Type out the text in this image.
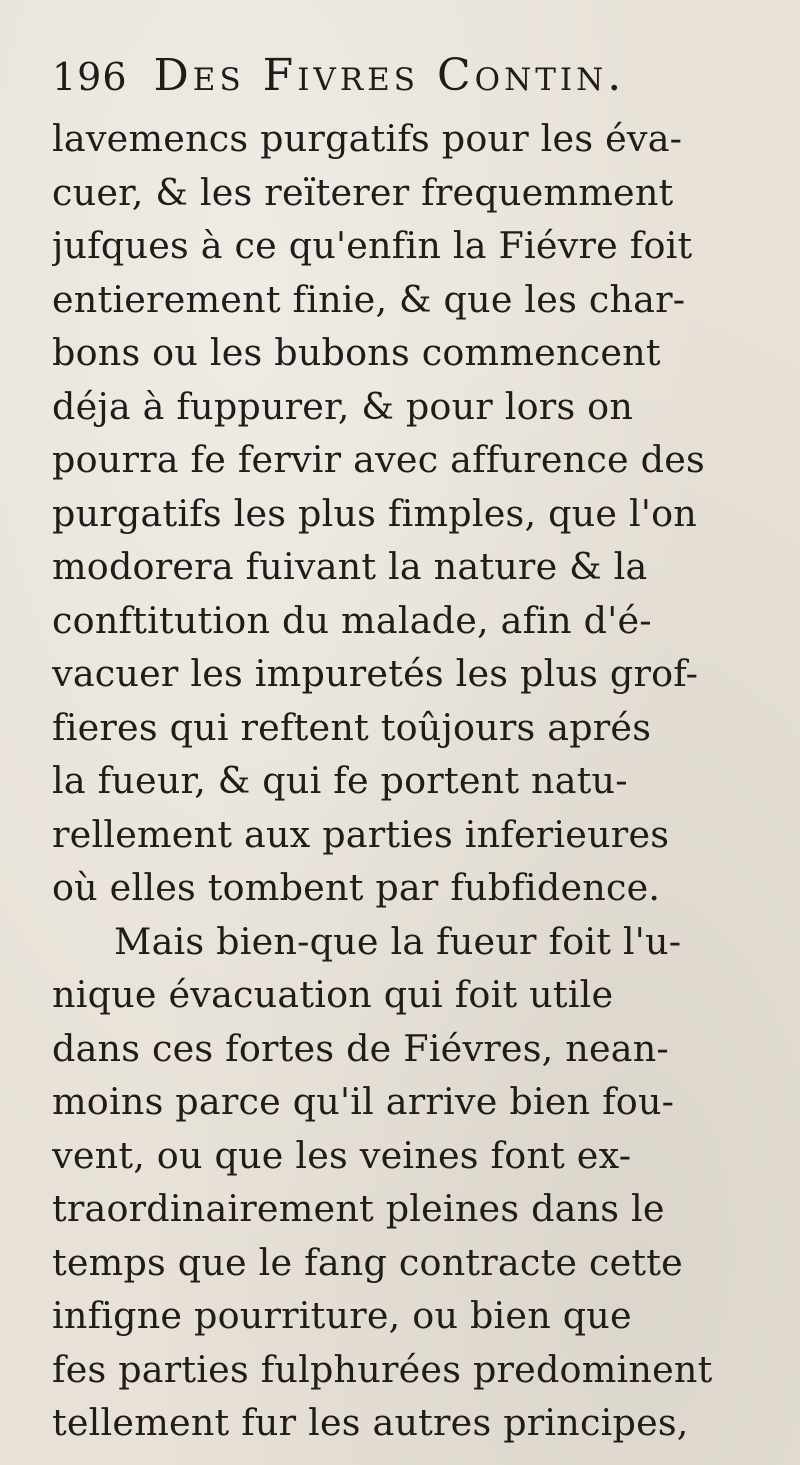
196 Des Fivres Contin.
lavemencs purgatifs pour les éva-
cuer, & les reïterer frequemment
jufques à ce qu'enfin la Fiévre foit
entierement finie, & que les char-
bons ou les bubons commencent
déja à fuppurer, & pour lors on
pourra fe fervir avec affurence des
purgatifs les plus fimples, que l'on
modorera fuivant la nature & la
conftitution du malade, afin d'é-
vacuer les impuretés les plus grof-
fieres qui reftent toûjours aprés
la fueur, & qui fe portent natu-
rellement aux parties inferieures
où elles tombent par fubfidence.
Mais bien-que la fueur foit l'u-
nique évacuation qui foit utile
dans ces fortes de Fiévres, nean-
moins parce qu'il arrive bien fou-
vent, ou que les veines font ex-
traordinairement pleines dans le
temps que le fang contracte cette
infigne pourriture, ou bien que
fes parties fulphurées predominent
tellement fur les autres principes,
